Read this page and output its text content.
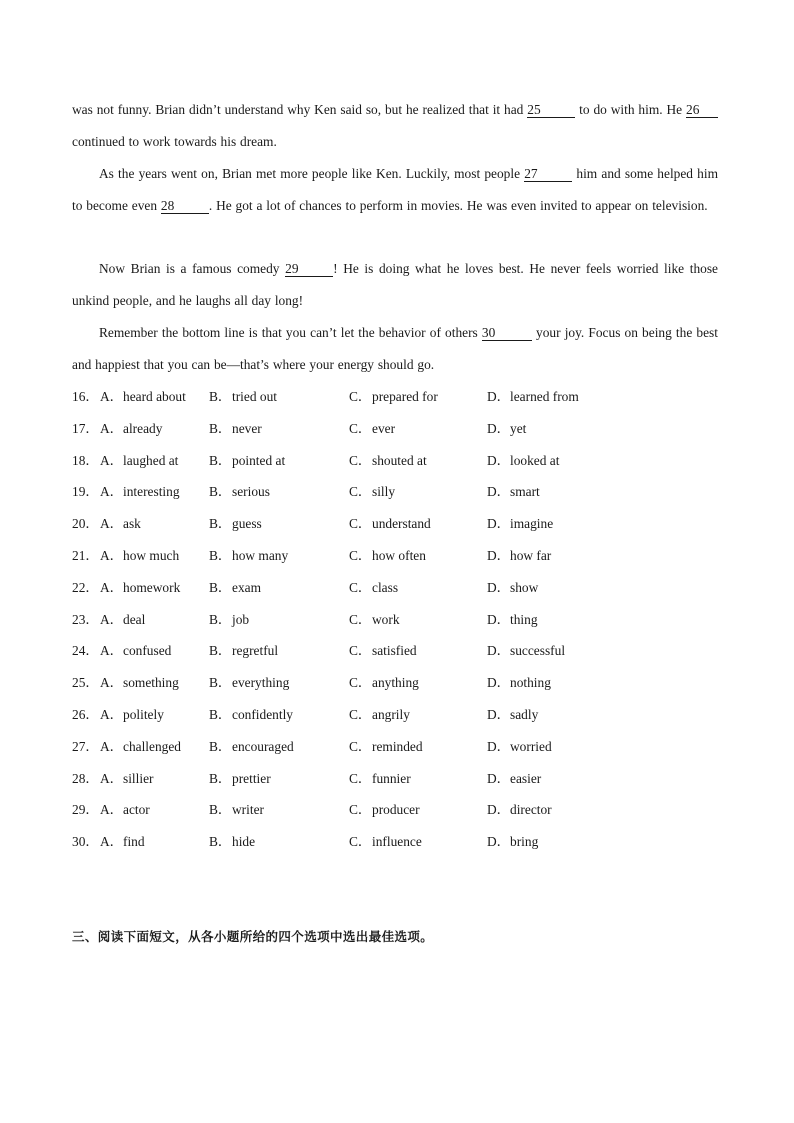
was not funny. Brian didn’t understand why Ken said so, but he realized that it had 25	to do with him. He 26 continued to work towards his dream.

As the years went on, Brian met more people like Ken. Luckily, most people 27	him and some helped him to become even 28	. He got a lot of chances to perform in movies. He was even invited to appear on television.

Now Brian is a famous comedy 29	! He is doing what he loves best. He never feels worried like those unkind people, and he laughs all day long!

Remember the bottom line is that you can’t let the behavior of others 30	your joy. Focus on being the best and happiest that you can be—that’s where your energy should go.

16． A．heard about B．tried out	C．prepared for	D．learned from
17． A．already	B．never	C．ever	D．yet
18． A．laughed at B．pointed at	C．shouted at	D．looked at
19． A．interesting B．serious	C．silly	D．smart
20． A．ask	B．guess	C．understand	D．imagine
21． A．how much B．how many	C．how often	D．how far
22． A．homework B．exam	C．class	D．show
23． A．deal	B．job	C．work	D．thing
24． A．confused	B．regretful	C．satisfied	D．successful
25． A．something B．everything	C．anything	D．nothing
26． A．politely	B．confidently	C．angrily	D．sadly
27． A．challenged B．encouraged	C．reminded	D．worried
28． A．sillier	B．prettier	C．funnier	D．easier
29． A．actor	B．writer	C．producer	D．director
30． A．find	B．hide	C．influence	D．bring
三、阅读下面短文，从各小题所给的四个选项中选出最佳选项。
